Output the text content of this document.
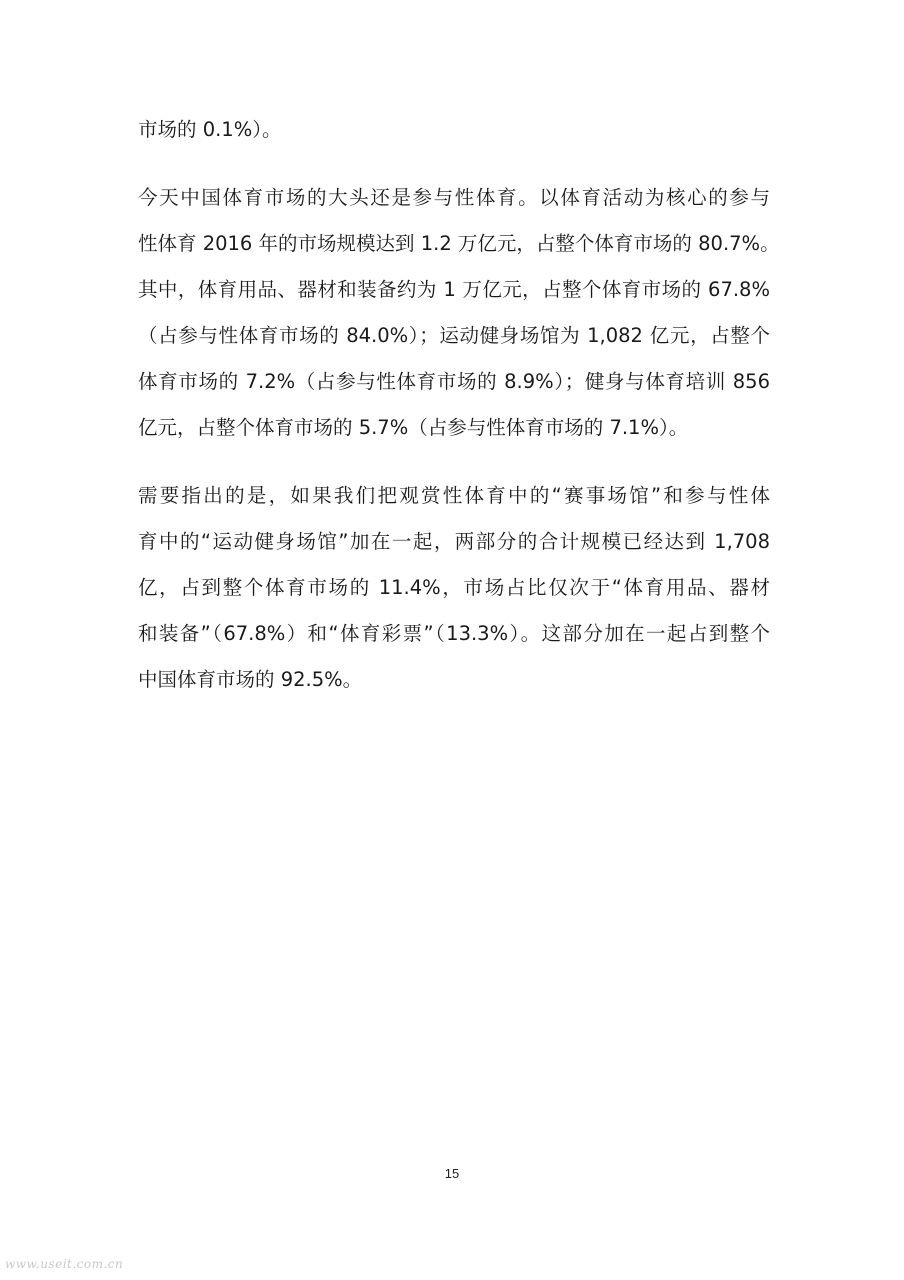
市场的 0.1%）。
今天中国体育市场的大头还是参与性体育。以体育活动为核心的参与
性体育 2016 年的市场规模达到 1.2 万亿元，占整个体育市场的 80.7%。
其中，体育用品、器材和装备约为 1 万亿元，占整个体育市场的 67.8%
（占参与性体育市场的 84.0%）；运动健身场馆为 1,082 亿元，占整个
体育市场的 7.2%（占参与性体育市场的 8.9%）；健身与体育培训 856
亿元，占整个体育市场的 5.7%（占参与性体育市场的 7.1%）。
需要指出的是，如果我们把观赏性体育中的“赛事场馆”和参与性体
育中的“运动健身场馆”加在一起，两部分的合计规模已经达到 1,708
亿，占到整个体育市场的 11.4%，市场占比仅次于“体育用品、器材
和装备”（67.8%）和“体育彩票”（13.3%）。这部分加在一起占到整个
中国体育市场的 92.5%。
15
www.useit.com.cn
